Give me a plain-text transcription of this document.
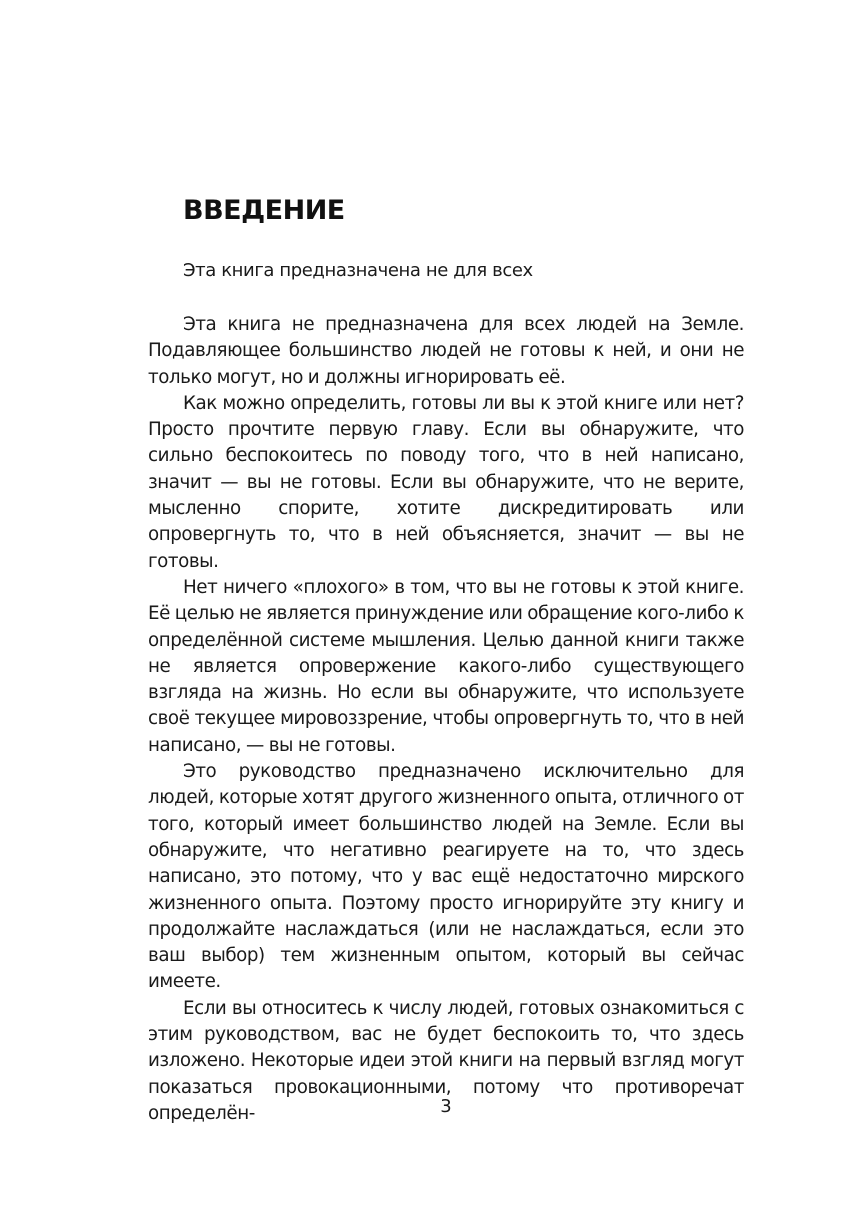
ВВЕДЕНИЕ

Эта книга предназначена не для всех

Эта книга не предназначена для всех людей на Земле. Подавляющее большинство людей не готовы к ней, и они не только могут, но и должны игнорировать её.

Как можно определить, готовы ли вы к этой книге или нет? Просто прочтите первую главу. Если вы обнаружите, что сильно беспокоитесь по поводу того, что в ней написано, значит — вы не готовы. Если вы обнаружите, что не верите, мысленно спорите, хотите дискредитировать или опровергнуть то, что в ней объясняется, значит — вы не готовы.

Нет ничего «плохого» в том, что вы не готовы к этой книге. Её целью не является принуждение или обращение кого-либо к определённой системе мышления. Целью данной книги также не является опровержение какого-либо существующего взгляда на жизнь. Но если вы обнаружите, что используете своё текущее мировоззрение, чтобы опровергнуть то, что в ней написано, — вы не готовы.

Это руководство предназначено исключительно для людей, которые хотят другого жизненного опыта, отличного от того, который имеет большинство людей на Земле. Если вы обнаружите, что негативно реагируете на то, что здесь написано, это потому, что у вас ещё недостаточно мирского жизненного опыта. Поэтому просто игнорируйте эту книгу и продолжайте наслаждаться (или не наслаждаться, если это ваш выбор) тем жизненным опытом, который вы сейчас имеете.

Если вы относитесь к числу людей, готовых ознакомиться с этим руководством, вас не будет беспокоить то, что здесь изложено. Некоторые идеи этой книги на первый взгляд могут показаться провокационными, потому что противоречат определён-	3
